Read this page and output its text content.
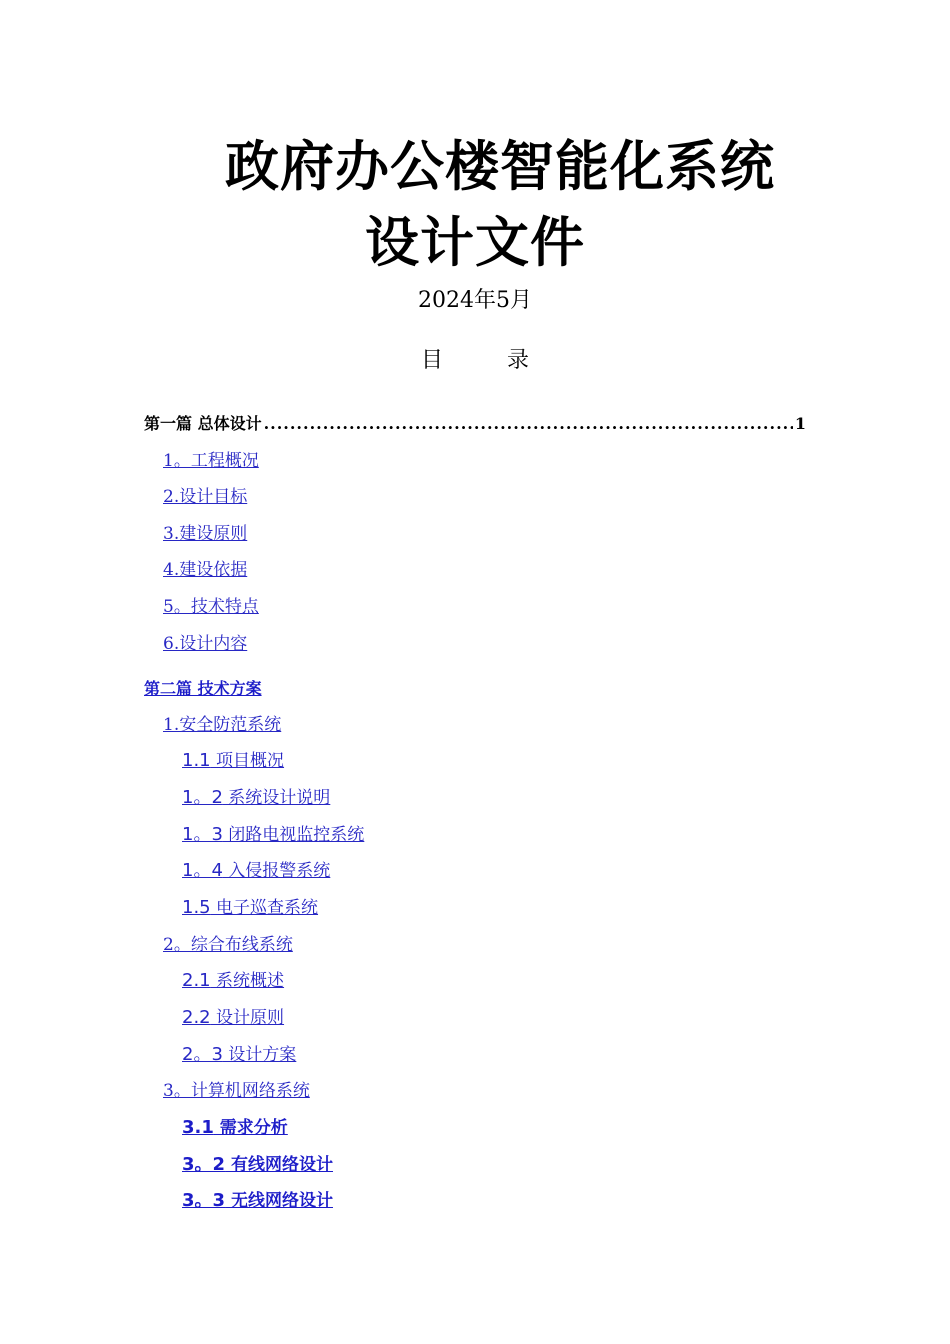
政府办公楼智能化系统
设计文件
2024年5月
目	录
第一篇 总体设计
.....	1
1。工程概况
2.设计目标
3.建设原则
4.建设依据
5。技术特点
6.设计内容
第二篇 技术方案
1.安全防范系统
1.1 项目概况
1。2 系统设计说明
1。3 闭路电视监控系统
1。4 入侵报警系统
1.5 电子巡查系统
2。综合布线系统
2.1 系统概述
2.2 设计原则
2。3 设计方案
3。计算机网络系统
3.1 需求分析
3。2 有线网络设计
3。3 无线网络设计
